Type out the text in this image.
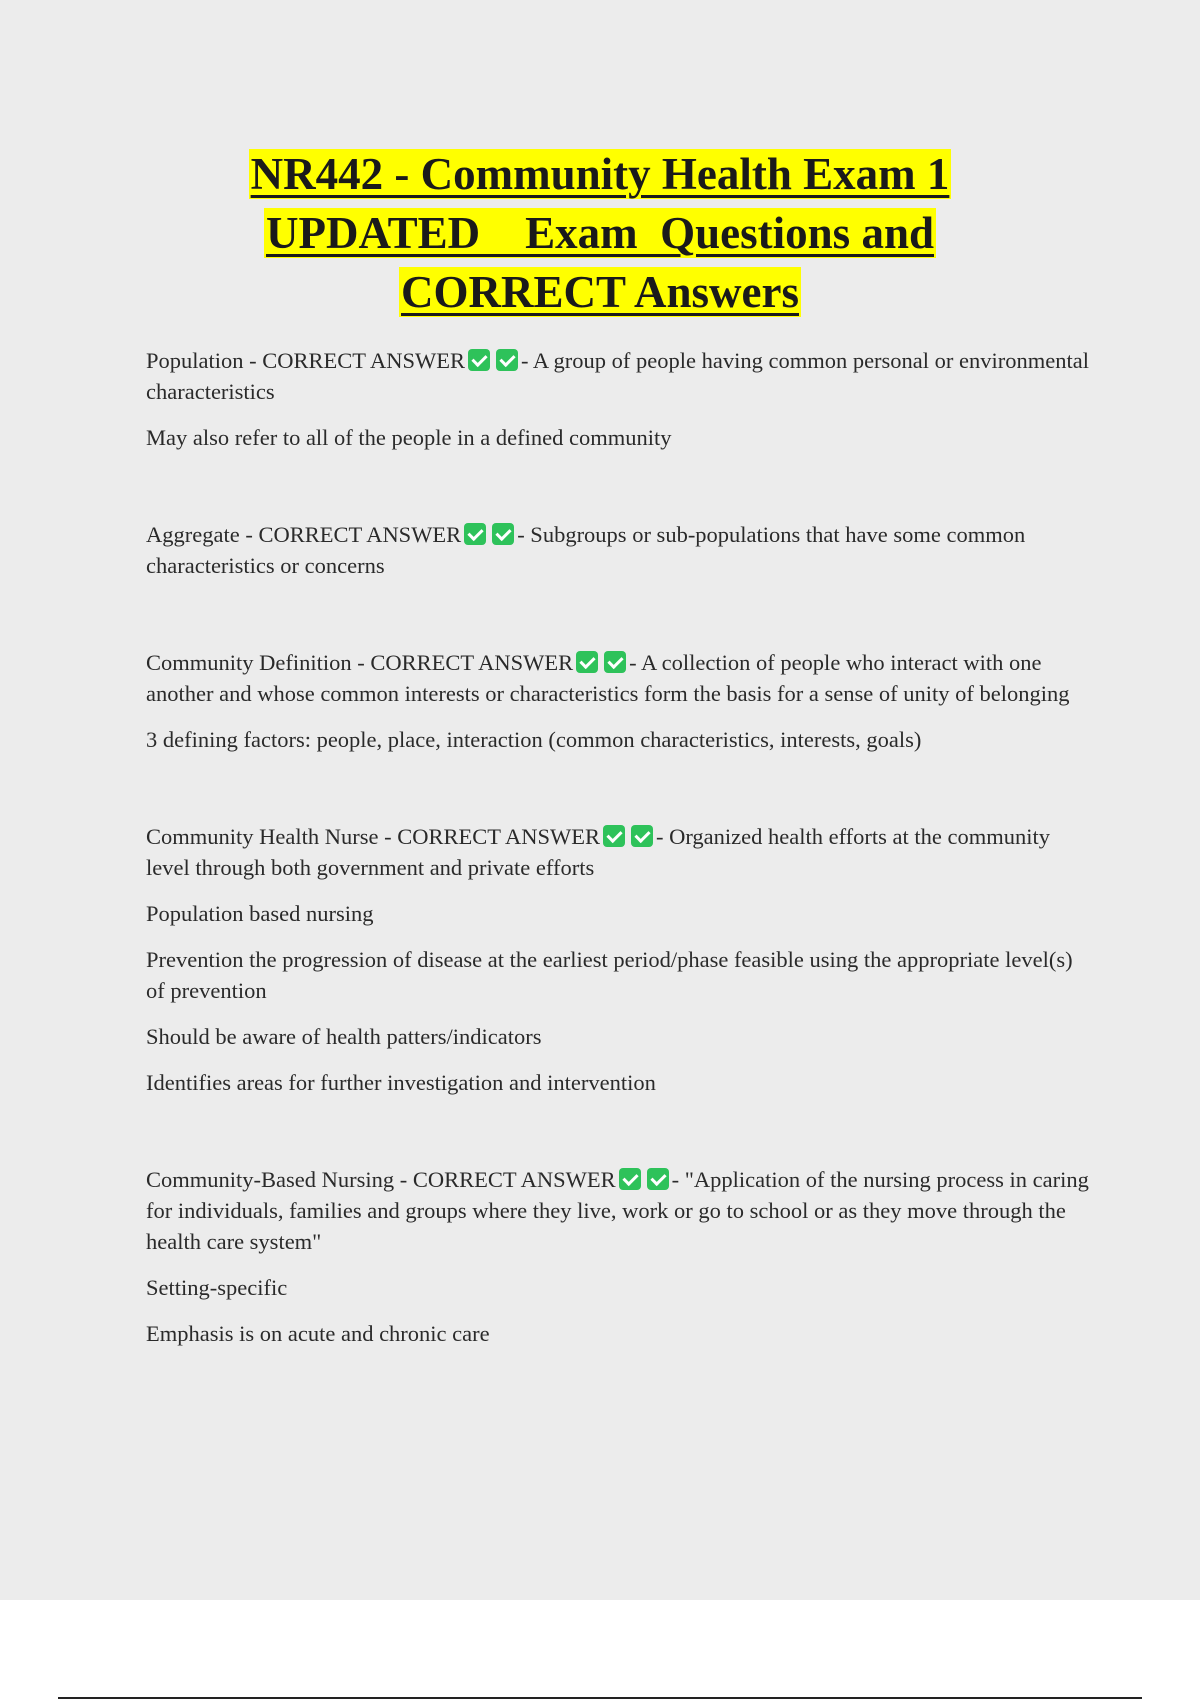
NR442 - Community Health Exam 1
UPDATED    Exam  Questions and
CORRECT Answers

Population - CORRECT ANSWER - A group of people having common personal or environmental characteristics

May also refer to all of the people in a defined community

Aggregate - CORRECT ANSWER - Subgroups or sub-populations that have some common characteristics or concerns

Community Definition - CORRECT ANSWER - A collection of people who interact with one another and whose common interests or characteristics form the basis for a sense of unity of belonging

3 defining factors: people, place, interaction (common characteristics, interests, goals)

Community Health Nurse - CORRECT ANSWER - Organized health efforts at the community level through both government and private efforts

Population based nursing

Prevention the progression of disease at the earliest period/phase feasible using the appropriate level(s) of prevention

Should be aware of health patters/indicators

Identifies areas for further investigation and intervention

Community-Based Nursing - CORRECT ANSWER - "Application of the nursing process in caring for individuals, families and groups where they live, work or go to school or as they move through the health care system"

Setting-specific

Emphasis is on acute and chronic care
